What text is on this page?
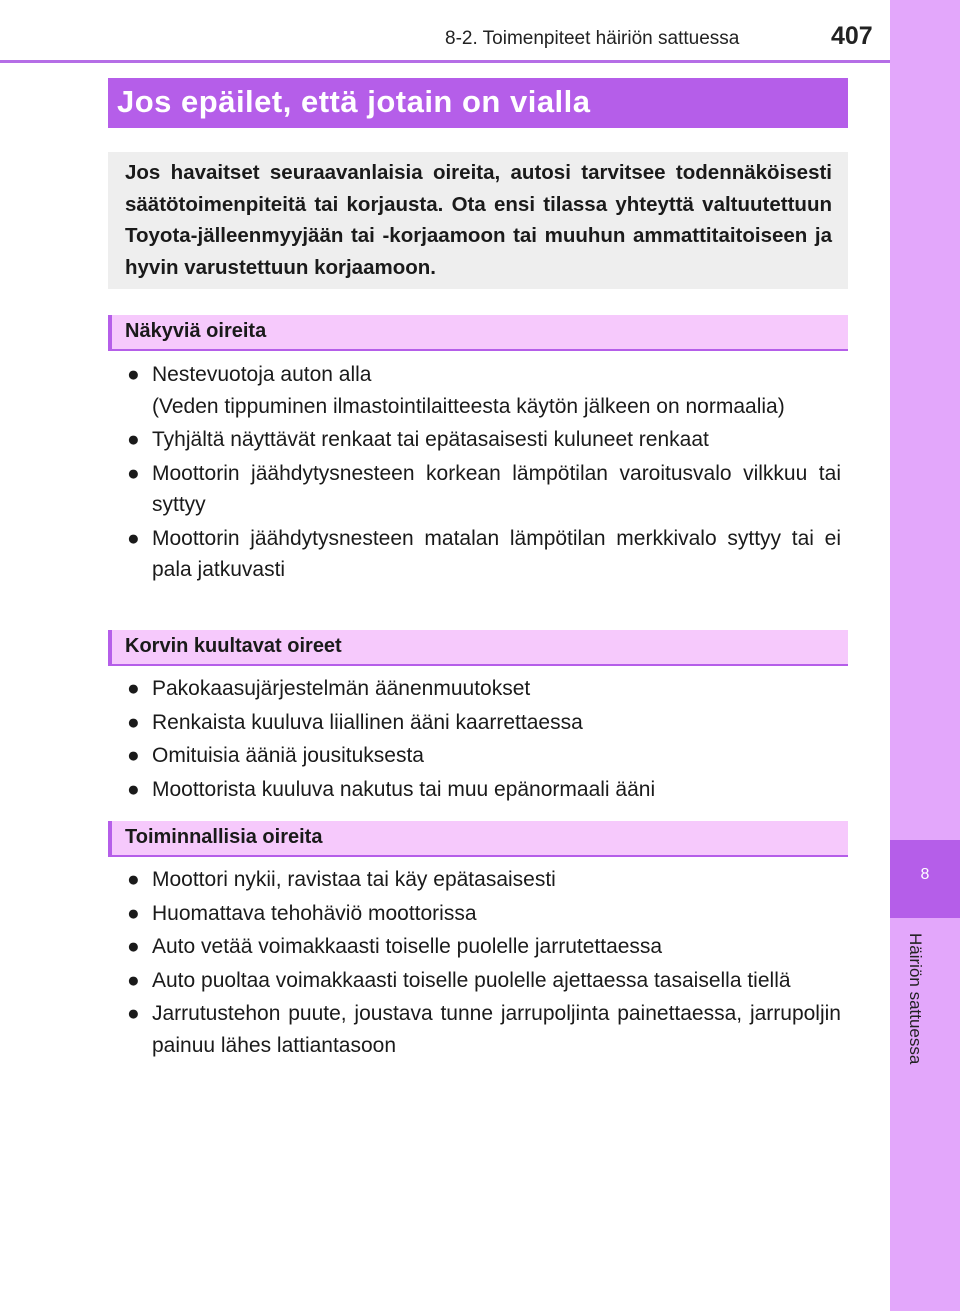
8-2. Toimenpiteet häiriön sattuessa	407
8
Häiriön sattuessa
Jos epäilet, että jotain on vialla

Jos havaitset seuraavanlaisia oireita, autosi tarvitsee todennäköisesti säätötoimenpiteitä tai korjausta. Ota ensi tilassa yhteyttä valtuutettuun Toyota-jälleenmyyjään tai -korjaamoon tai muuhun ammattitaitoiseen ja hyvin varustettuun korjaamoon.

Näkyviä oireita
● Nestevuotoja auton alla
(Veden tippuminen ilmastointilaitteesta käytön jälkeen on normaalia)
● Tyhjältä näyttävät renkaat tai epätasaisesti kuluneet renkaat
● Moottorin jäähdytysnesteen korkean lämpötilan varoitusvalo vilkkuu tai syttyy
● Moottorin jäähdytysnesteen matalan lämpötilan merkkivalo syttyy tai ei pala jatkuvasti
Korvin kuultavat oireet
● Pakokaasujärjestelmän äänenmuutokset
● Renkaista kuuluva liiallinen ääni kaarrettaessa
● Omituisia ääniä jousituksesta
● Moottorista kuuluva nakutus tai muu epänormaali ääni
Toiminnallisia oireita
● Moottori nykii, ravistaa tai käy epätasaisesti
● Huomattava tehohäviö moottorissa
● Auto vetää voimakkaasti toiselle puolelle jarrutettaessa
● Auto puoltaa voimakkaasti toiselle puolelle ajettaessa tasaisella tiellä
● Jarrutustehon puute, joustava tunne jarrupoljinta painettaessa, jarrupoljin painuu lähes lattiantasoon
